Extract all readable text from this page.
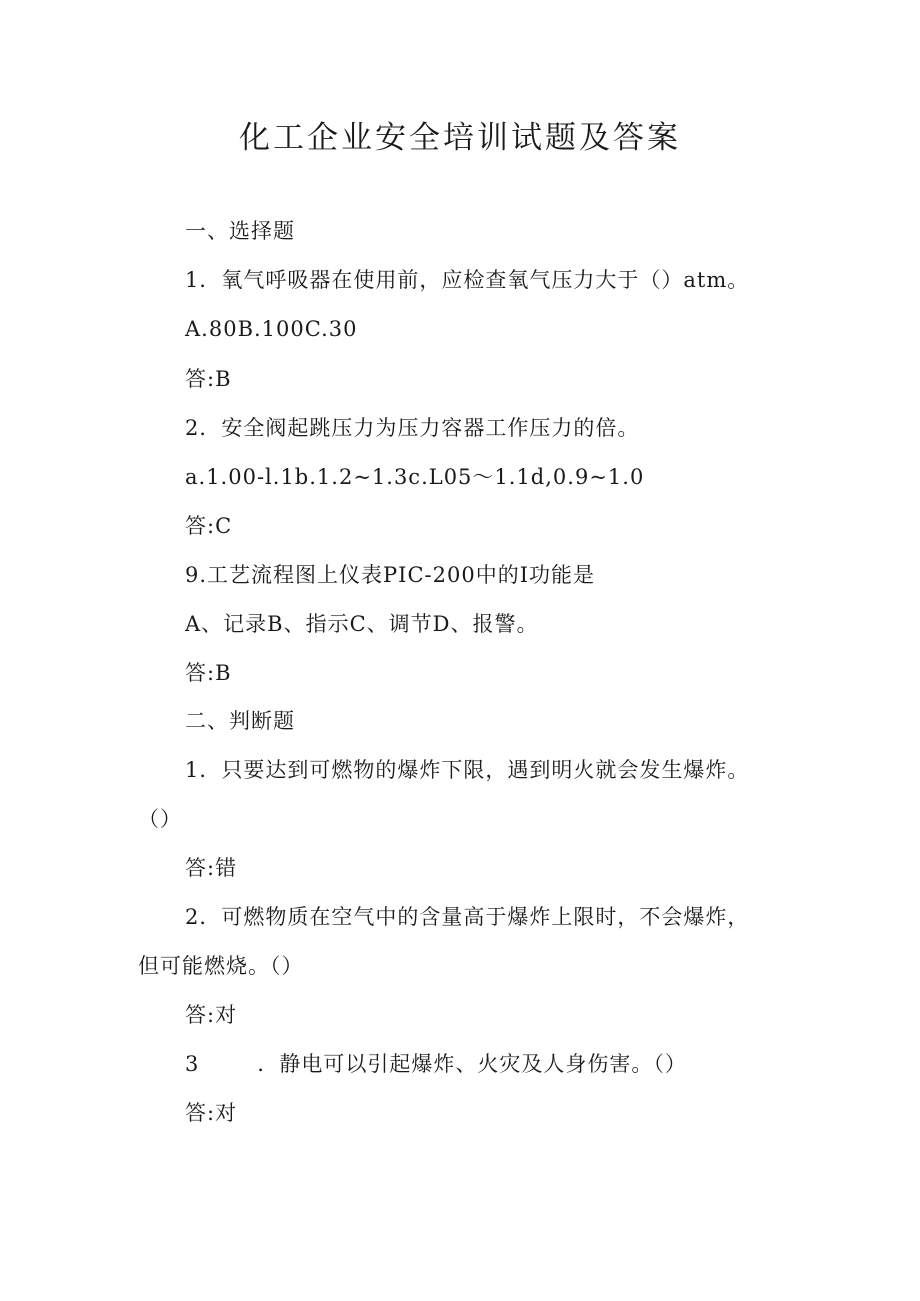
化工企业安全培训试题及答案

一、选择题

1．氧气呼吸器在使用前，应检查氧气压力大于（）atm。

A.80B.100C.30

答:B

2．安全阀起跳压力为压力容器工作压力的倍。

a.1.00-l.1b.1.2~1.3c.L05～1.1d,0.9~1.0

答:C

9.工艺流程图上仪表PIC-200中的I功能是

A、记录B、指示C、调节D、报警。

答:B

二、判断题

1．只要达到可燃物的爆炸下限，遇到明火就会发生爆炸。

（）

答:错

2．可燃物质在空气中的含量高于爆炸上限时，不会爆炸，

但可能燃烧。（）

答:对

3	．静电可以引起爆炸、火灾及人身伤害。（）

答:对
